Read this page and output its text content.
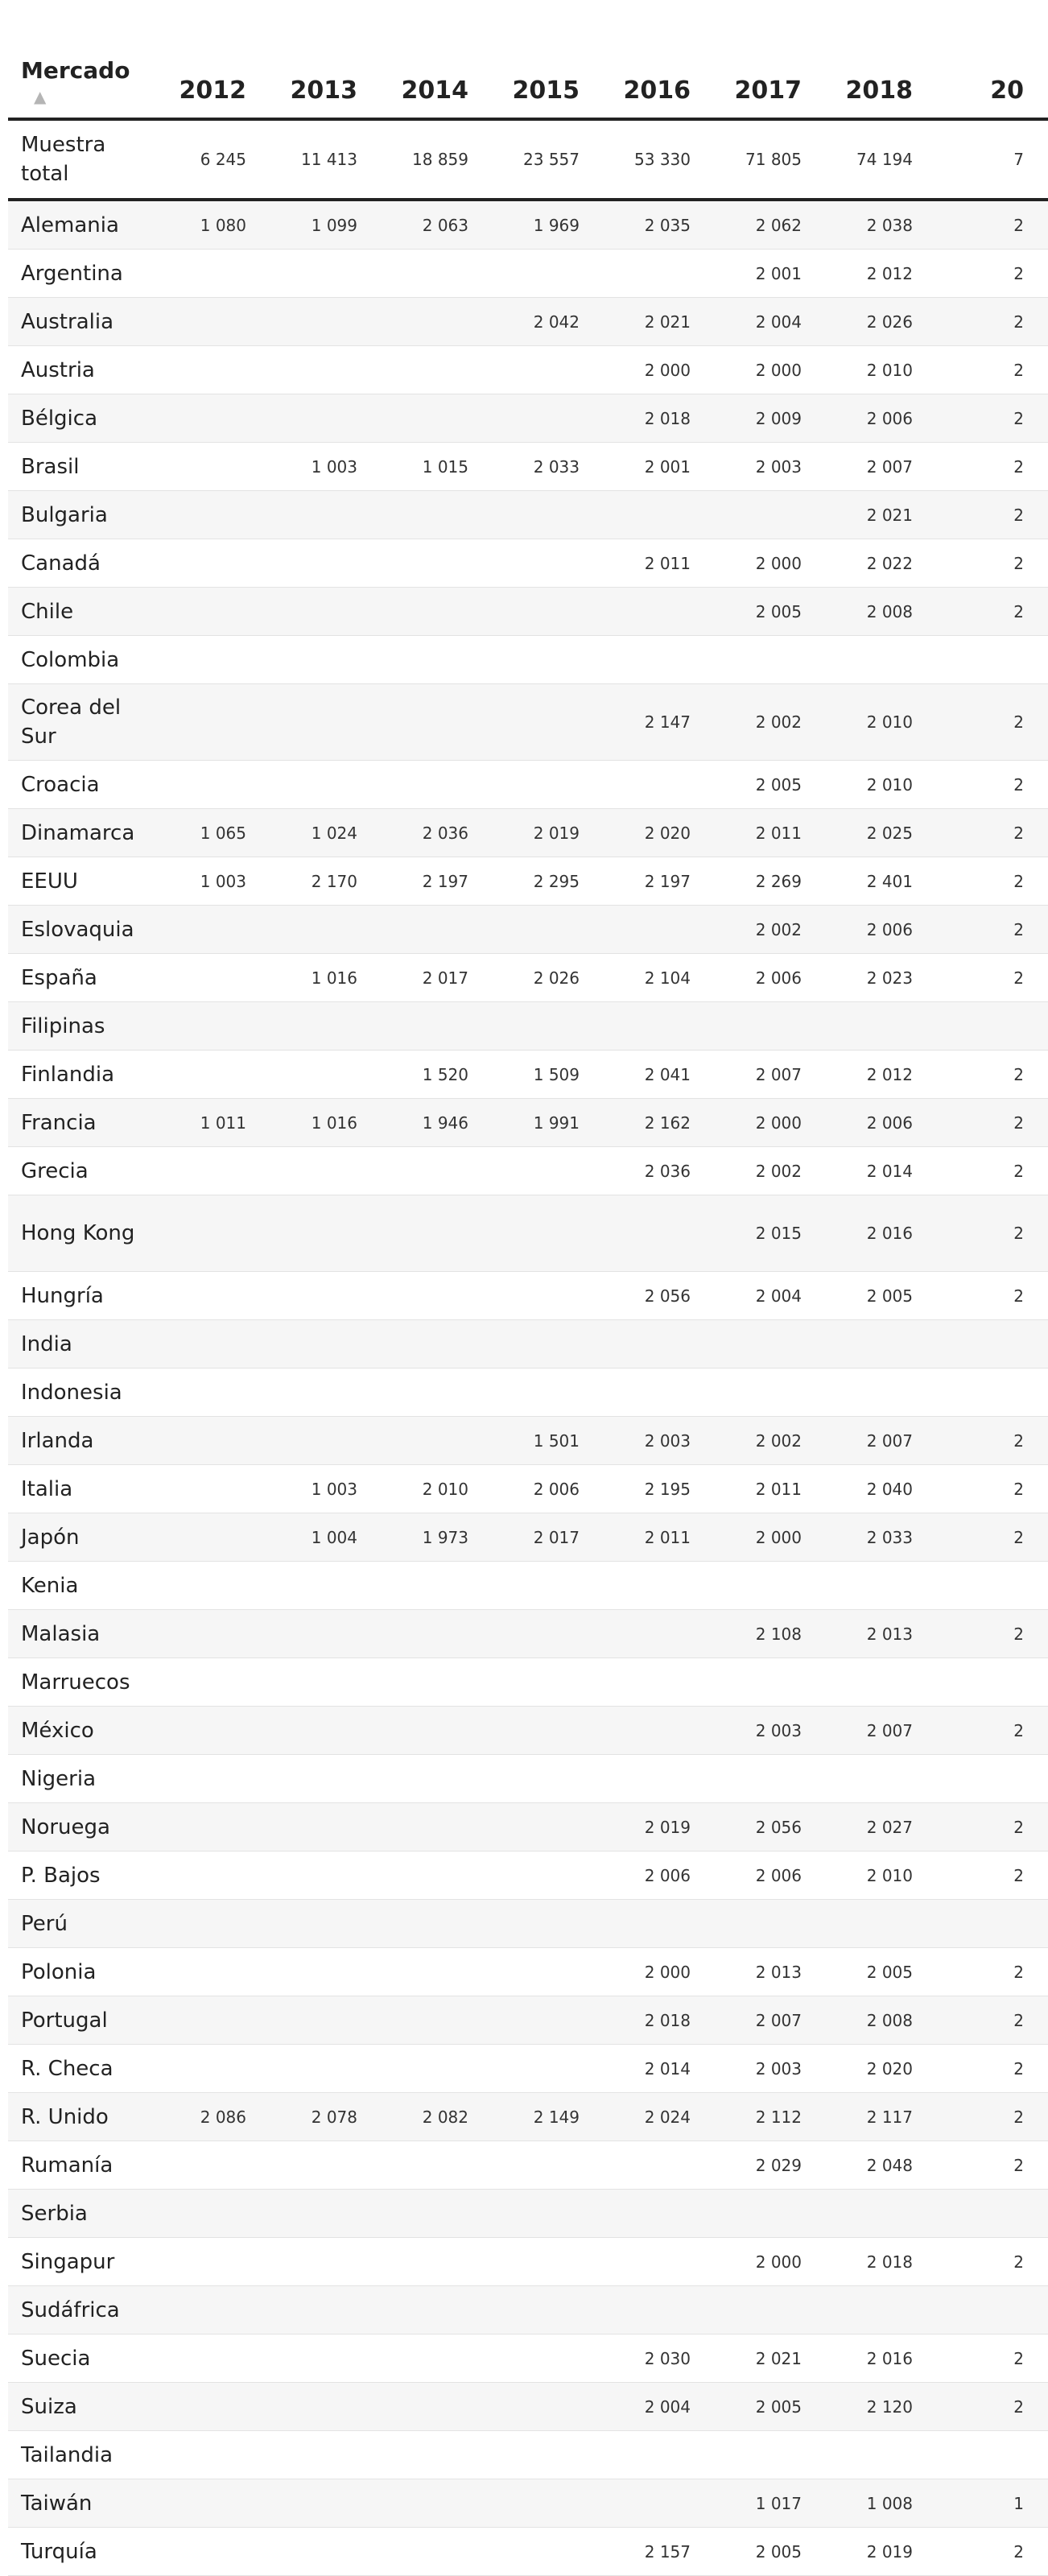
Mercado
▲	2012	2013	2014	2015	2016	2017	2018	20
Muestra total	6 245	11 413	18 859	23 557	53 330	71 805	74 194	7
Alemania	1 080	1 099	2 063	1 969	2 035	2 062	2 038	2
Argentina						2 001	2 012	2
Australia				2 042	2 021	2 004	2 026	2
Austria					2 000	2 000	2 010	2
Bélgica					2 018	2 009	2 006	2
Brasil		1 003	1 015	2 033	2 001	2 003	2 007	2
Bulgaria							2 021	2
Canadá					2 011	2 000	2 022	2
Chile						2 005	2 008	2
Colombia								
Corea del Sur					2 147	2 002	2 010	2
Croacia						2 005	2 010	2
Dinamarca	1 065	1 024	2 036	2 019	2 020	2 011	2 025	2
EEUU	1 003	2 170	2 197	2 295	2 197	2 269	2 401	2
Eslovaquia						2 002	2 006	2
España		1 016	2 017	2 026	2 104	2 006	2 023	2
Filipinas								
Finlandia			1 520	1 509	2 041	2 007	2 012	2
Francia	1 011	1 016	1 946	1 991	2 162	2 000	2 006	2
Grecia					2 036	2 002	2 014	2
Hong Kong						2 015	2 016	2
Hungría					2 056	2 004	2 005	2
India								
Indonesia								
Irlanda				1 501	2 003	2 002	2 007	2
Italia		1 003	2 010	2 006	2 195	2 011	2 040	2
Japón		1 004	1 973	2 017	2 011	2 000	2 033	2
Kenia								
Malasia						2 108	2 013	2
Marruecos								
México						2 003	2 007	2
Nigeria								
Noruega					2 019	2 056	2 027	2
P. Bajos					2 006	2 006	2 010	2
Perú								
Polonia					2 000	2 013	2 005	2
Portugal					2 018	2 007	2 008	2
R. Checa					2 014	2 003	2 020	2
R. Unido	2 086	2 078	2 082	2 149	2 024	2 112	2 117	2
Rumanía						2 029	2 048	2
Serbia								
Singapur						2 000	2 018	2
Sudáfrica								
Suecia					2 030	2 021	2 016	2
Suiza					2 004	2 005	2 120	2
Tailandia								
Taiwán						1 017	1 008	1
Turquía					2 157	2 005	2 019	2
